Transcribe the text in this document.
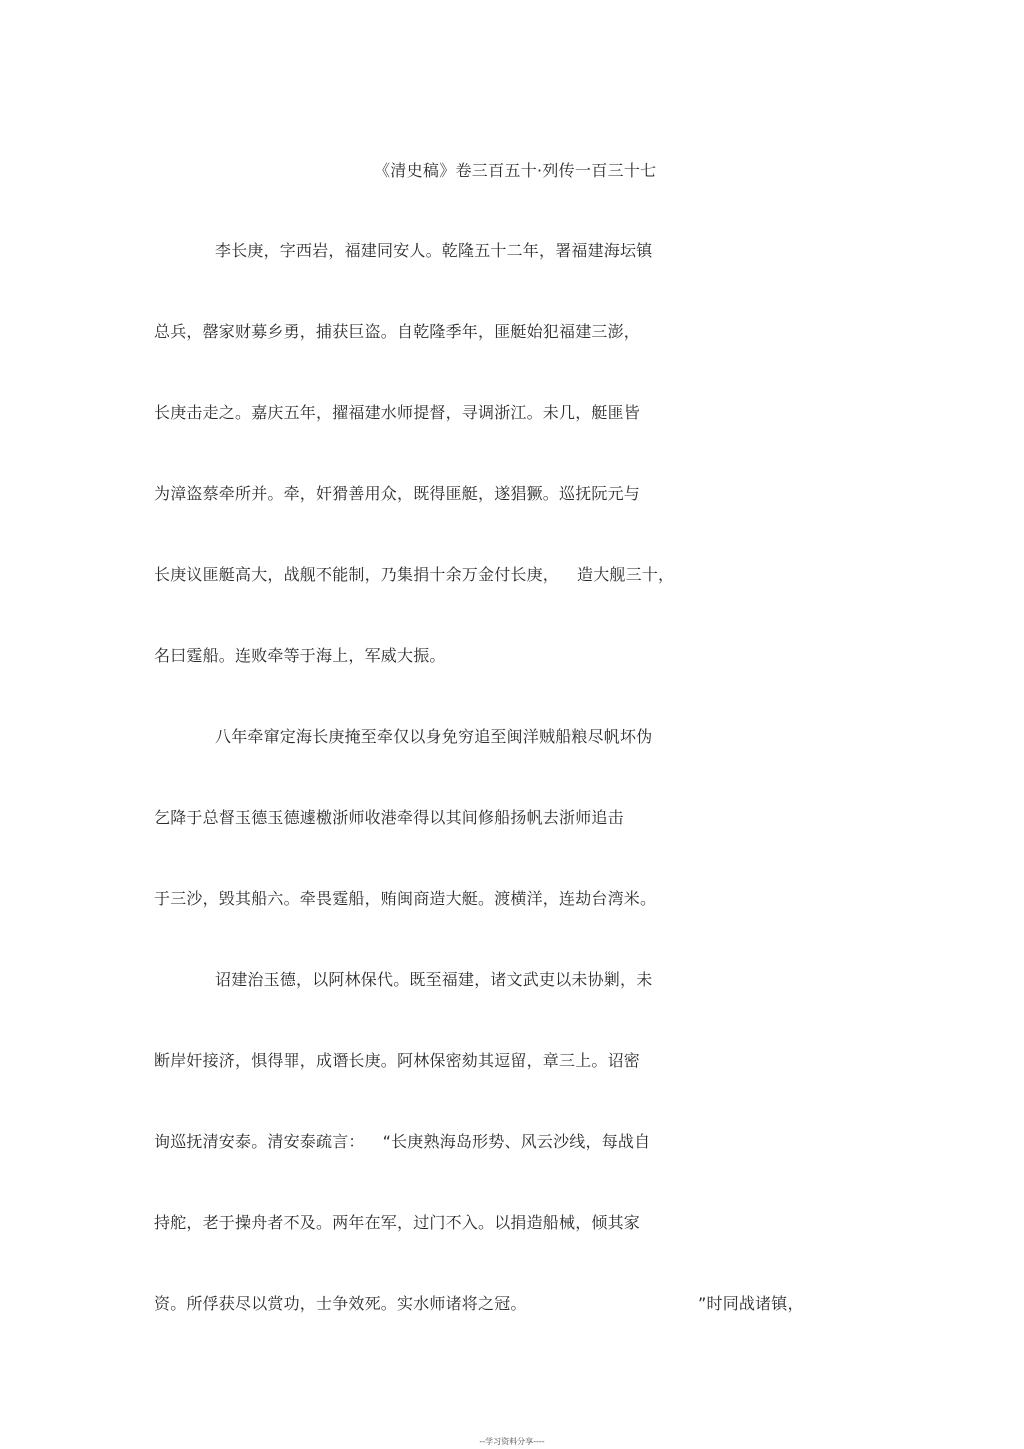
《清史稿》卷三百五十·列传一百三十七
李长庚，字西岩，福建同安人。乾隆五十二年，署福建海坛镇
总兵，罄家财募乡勇，捕获巨盗。自乾隆季年，匪艇始犯福建三澎，
长庚击走之。嘉庆五年，擢福建水师提督，寻调浙江。未几，艇匪皆
为漳盗蔡牵所并。牵，奸猾善用众，既得匪艇，遂猖獗。巡抚阮元与
长庚议匪艇高大，战舰不能制，乃集捐十余万金付长庚， 造大舰三十，
名曰霆船。连败牵等于海上，军威大振。
八年牵窜定海长庚掩至牵仅以身免穷追至闽洋贼船粮尽帆坏伪
乞降于总督玉德玉德遽檄浙师收港牵得以其间修船扬帆去浙师追击
于三沙，毁其船六。牵畏霆船，贿闽商造大艇。渡横洋，连劫台湾米。
诏建治玉德，以阿林保代。既至福建，诸文武吏以未协剿，未
断岸奸接济，惧得罪，成谮长庚。阿林保密劾其逗留，章三上。诏密
询巡抚清安泰。清安泰疏言： “长庚熟海岛形势、风云沙线，每战自
持舵，老于操舟者不及。两年在军，过门不入。以捐造船械，倾其家
资。所俘获尽以赏功，士争效死。实水师诸将之冠。	”时同战诸镇，
--学习资料分享----
